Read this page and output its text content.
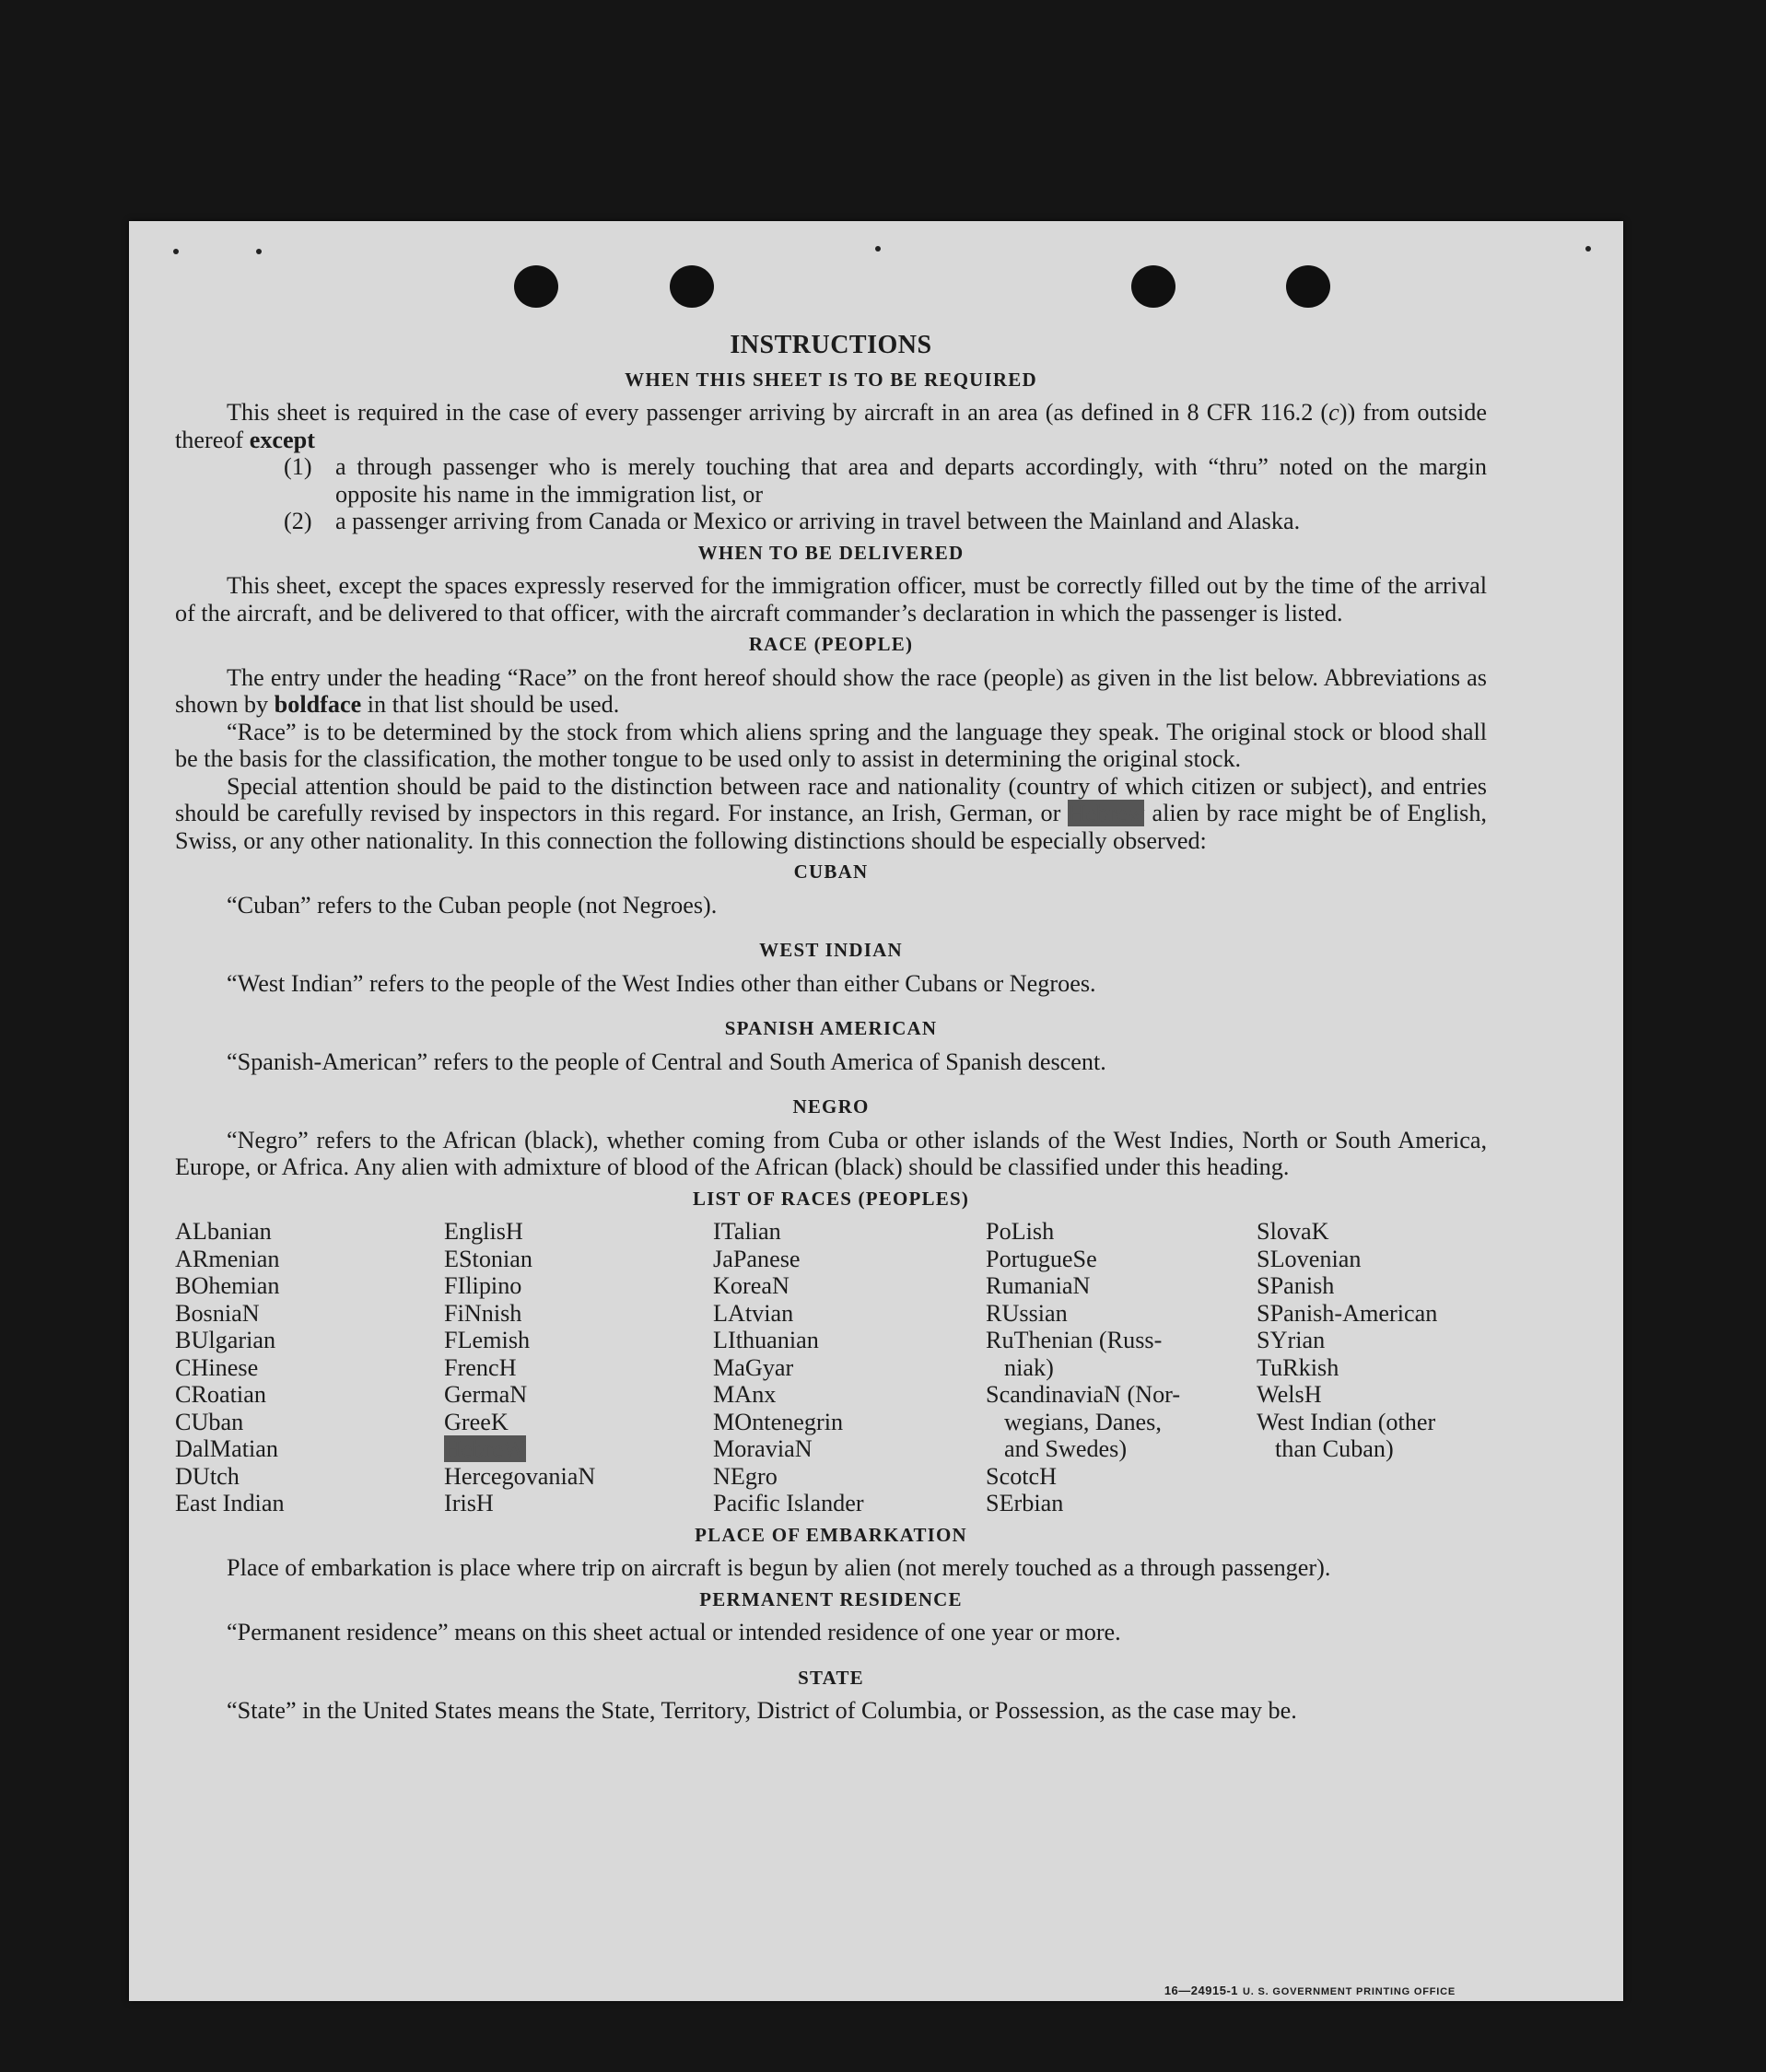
INSTRUCTIONS
WHEN THIS SHEET IS TO BE REQUIRED

This sheet is required in the case of every passenger arriving by aircraft in an area (as defined in 8 CFR 116.2 (c)) from outside thereof except

(1) a through passenger who is merely touching that area and departs accordingly, with “thru” noted on the margin opposite his name in the immigration list, or
(2) a passenger arriving from Canada or Mexico or arriving in travel between the Mainland and Alaska.
WHEN TO BE DELIVERED

This sheet, except the spaces expressly reserved for the immigration officer, must be correctly filled out by the time of the arrival of the aircraft, and be delivered to that officer, with the aircraft commander’s declaration in which the passenger is listed.

RACE (PEOPLE)

The entry under the heading “Race” on the front hereof should show the race (people) as given in the list below. Abbreviations as shown by boldface in that list should be used.

“Race” is to be determined by the stock from which aliens spring and the language they speak. The original stock or blood shall be the basis for the classification, the mother tongue to be used only to assist in determining the original stock.

Special attention should be paid to the distinction between race and nationality (country of which citizen or subject), and entries should be carefully revised by inspectors in this regard. For instance, an Irish, German, or Hebrew alien by race might be of English, Swiss, or any other nationality. In this connection the following distinctions should be especially observed:

CUBAN

“Cuban” refers to the Cuban people (not Negroes).

WEST INDIAN

“West Indian” refers to the people of the West Indies other than either Cubans or Negroes.

SPANISH AMERICAN

“Spanish-American” refers to the people of Central and South America of Spanish descent.

NEGRO

“Negro” refers to the African (black), whether coming from Cuba or other islands of the West Indies, North or South America, Europe, or Africa. Any alien with admixture of blood of the African (black) should be classified under this heading.

LIST OF RACES (PEOPLES)
ALbanian
ARmenian
BOhemian
BosniaN
BUlgarian
CHinese
CRoatian
CUban
DalMatian
DUtch
East Indian
EnglisH
EStonian
FIlipino
FiNnish
FLemish
FrencH
GermaN
GreeK
HebreW
HercegovaniaN
IrisH
ITalian
JaPanese
KoreaN
LAtvian
LIthuanian
MaGyar
MAnx
MOntenegrin
MoraviaN
NEgro
Pacific Islander
PoLish
PortugueSe
RumaniaN
RUssian
RuThenian (Russ-
niak)
ScandinaviaN (Nor-
wegians, Danes,
and Swedes)
ScotcH
SErbian
SlovaK
SLovenian
SPanish
SPanish-American
SYrian
TuRkish
WelsH
West Indian (other
than Cuban)
PLACE OF EMBARKATION

Place of embarkation is place where trip on aircraft is begun by alien (not merely touched as a through passenger).

PERMANENT RESIDENCE

“Permanent residence” means on this sheet actual or intended residence of one year or more.

STATE

“State” in the United States means the State, Territory, District of Columbia, or Possession, as the case may be.

16—24915-1 U. S. GOVERNMENT PRINTING OFFICE
